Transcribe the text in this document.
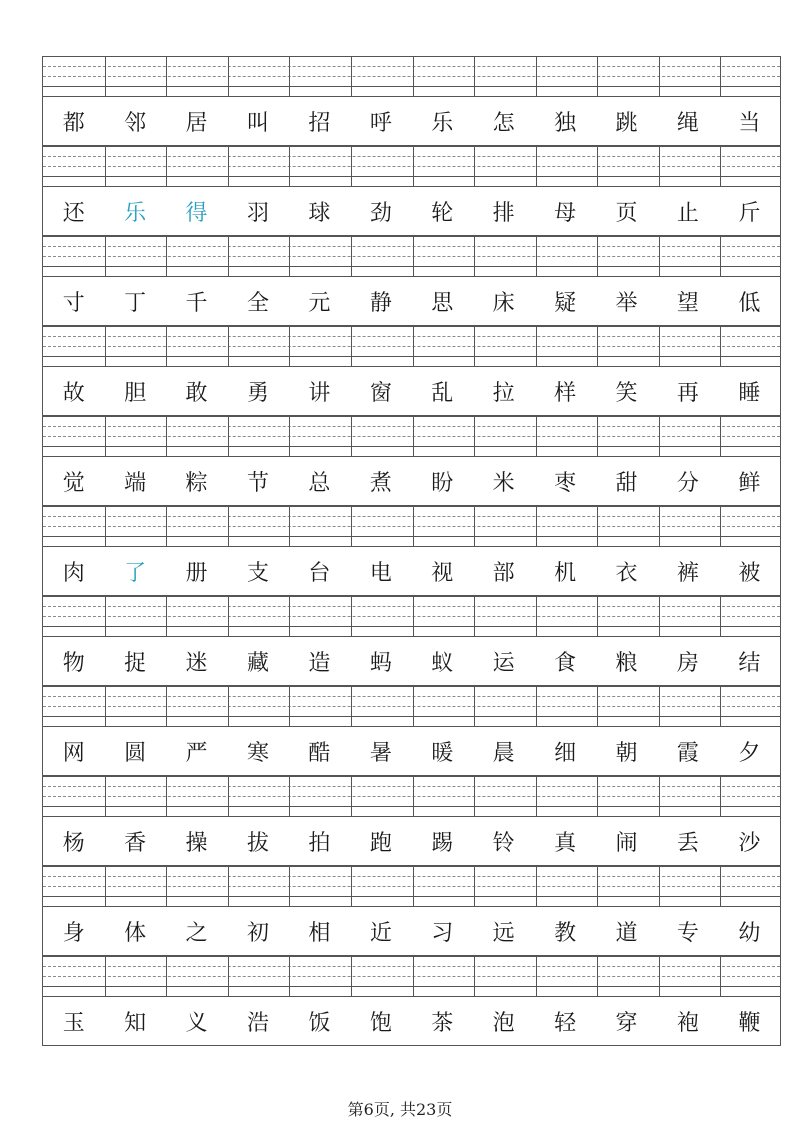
都	邻	居	叫	招	呼	乐	怎	独	跳	绳	当
还	乐	得	羽	球	劲	轮	排	母	页	止	斤
寸	丁	千	全	元	静	思	床	疑	举	望	低
故	胆	敢	勇	讲	窗	乱	拉	样	笑	再	睡
觉	端	粽	节	总	煮	盼	米	枣	甜	分	鲜
肉	了	册	支	台	电	视	部	机	衣	裤	被
物	捉	迷	藏	造	蚂	蚁	运	食	粮	房	结
网	圆	严	寒	酷	暑	暖	晨	细	朝	霞	夕
杨	香	操	拔	拍	跑	踢	铃	真	闹	丢	沙
身	体	之	初	相	近	习	远	教	道	专	幼
玉	知	义	浩	饭	饱	茶	泡	轻	穿	袍	鞭
第6页, 共23页
